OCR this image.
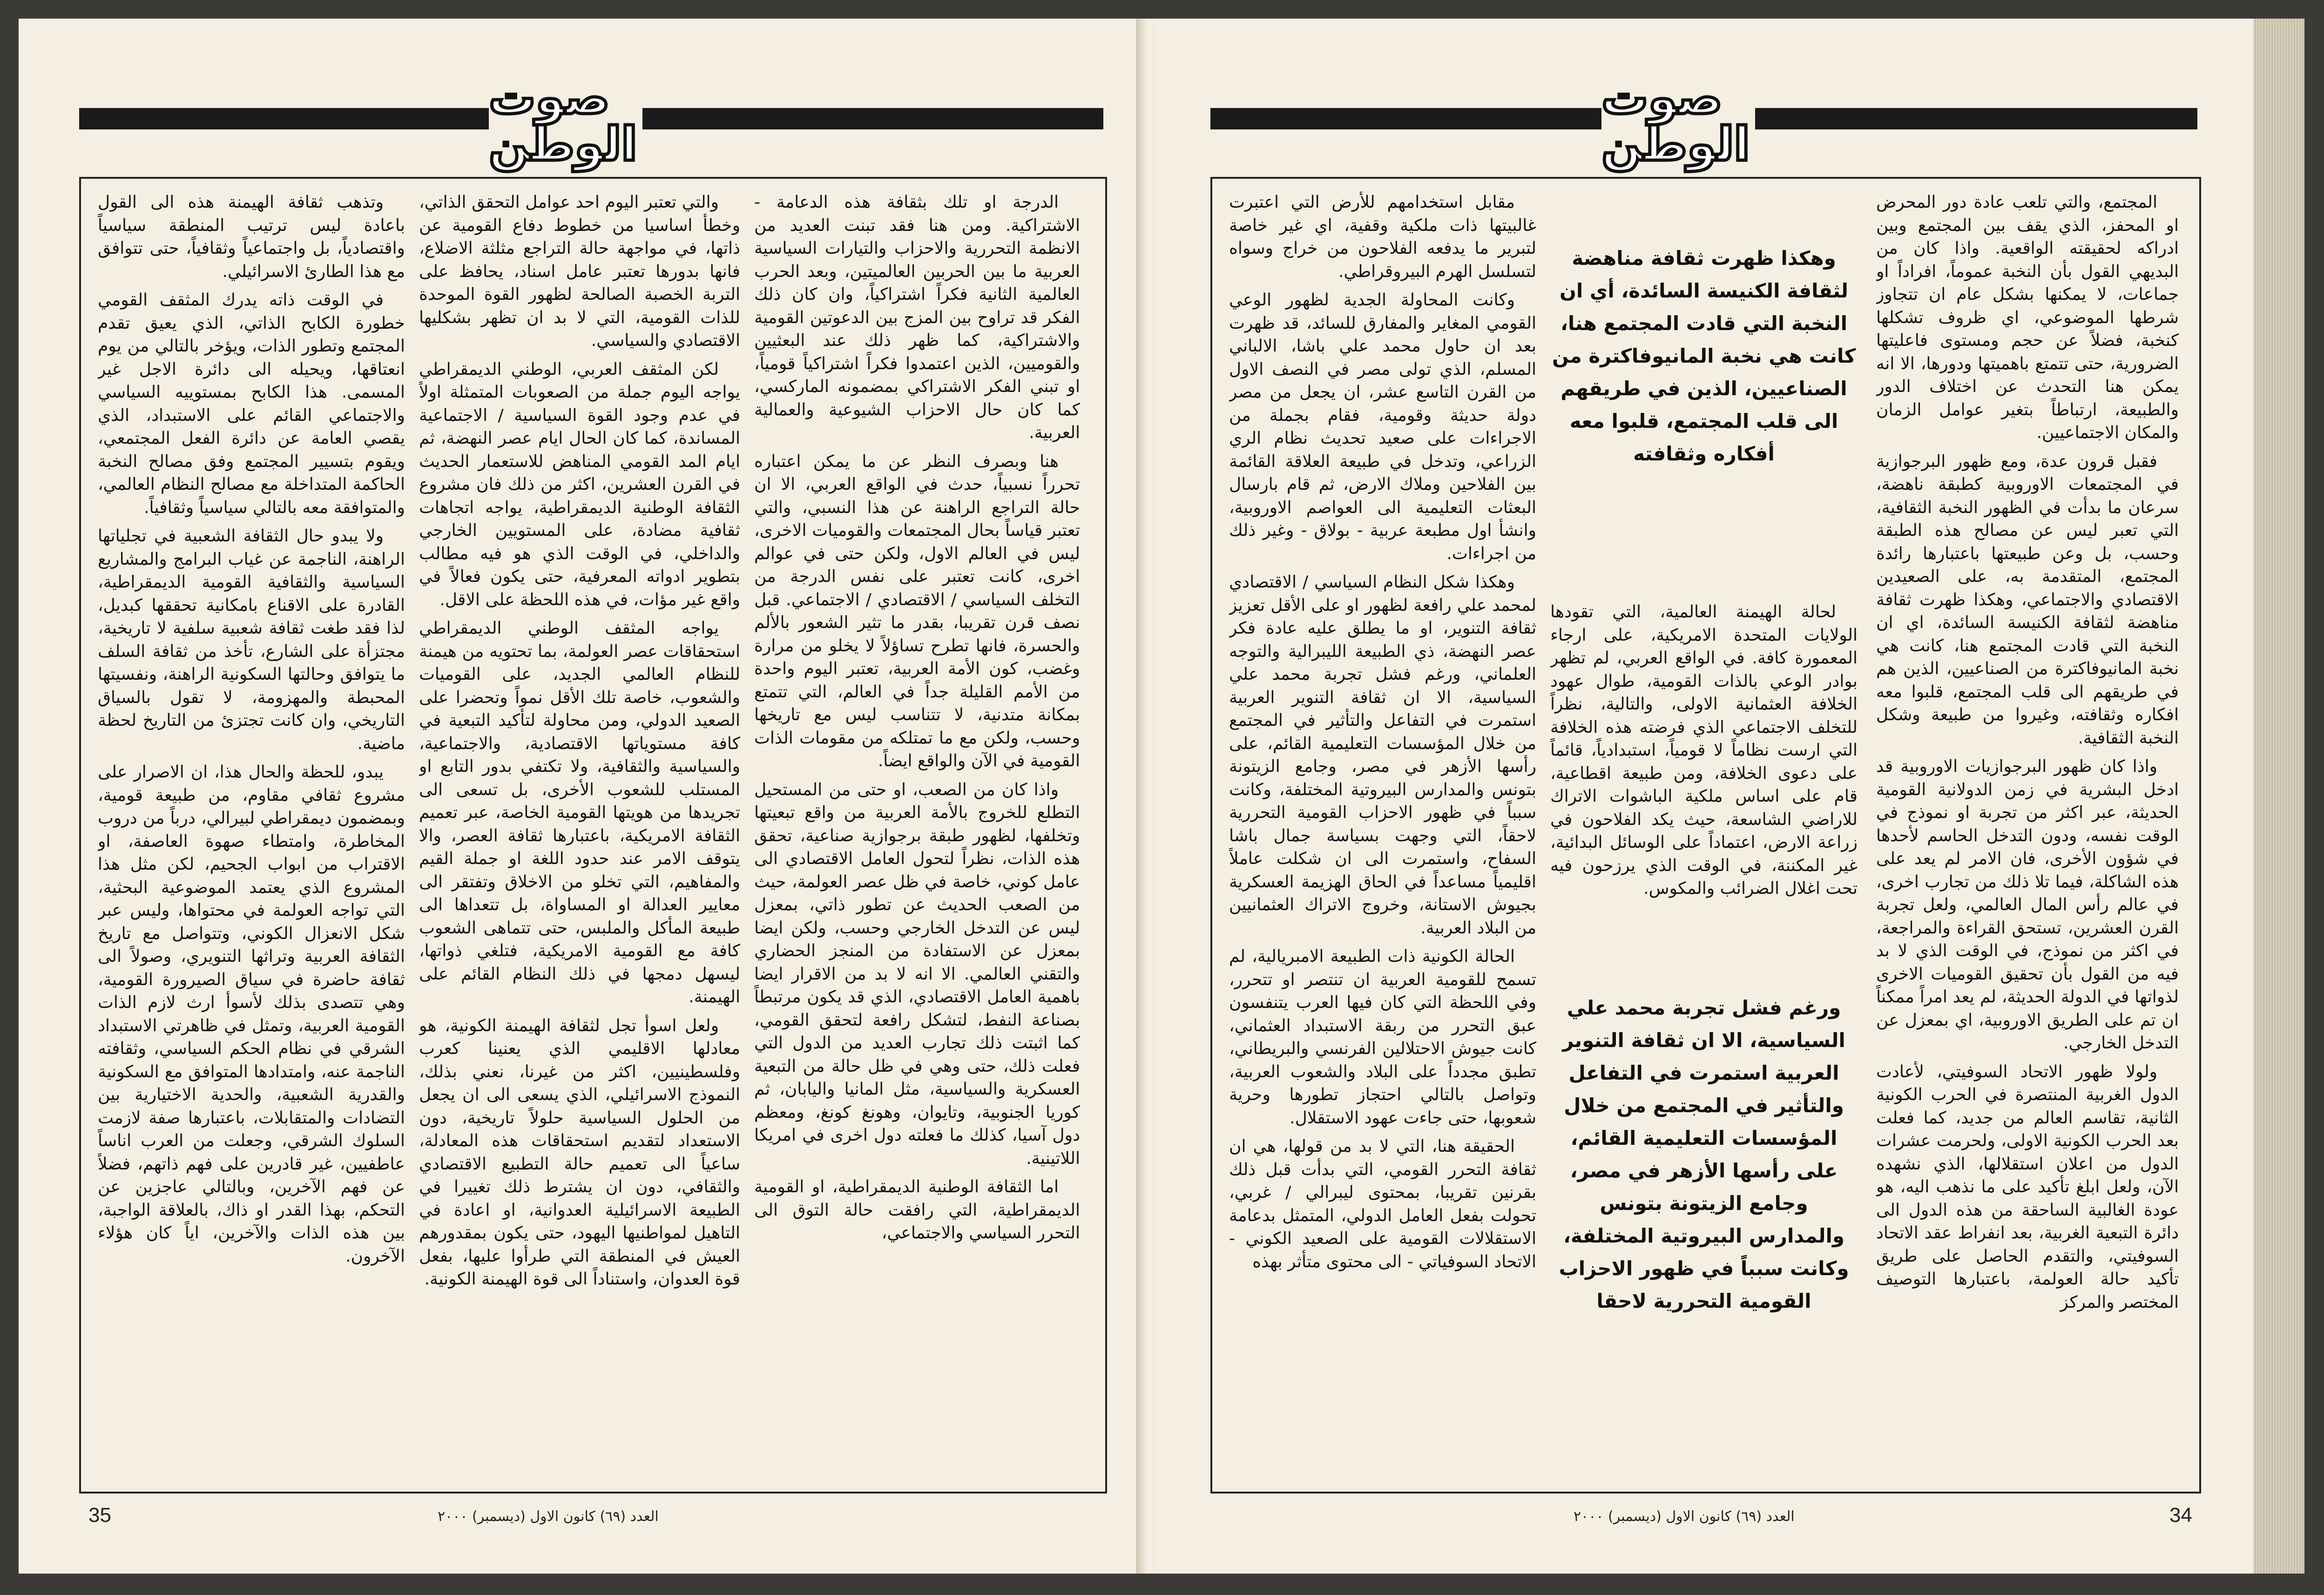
صوت الوطن

الدرجة او تلك بثقافة هذه الدعامة - الاشتراكية. ومن هنا فقد تبنت العديد من الانظمة التحررية والاحزاب والتيارات السياسية العربية ما بين الحربين العالميتين، وبعد الحرب العالمية الثانية فكراً اشتراكياً، وان كان ذلك الفكر قد تراوح بين المزج بين الدعوتين القومية والاشتراكية، كما ظهر ذلك عند البعثيين والقوميين، الذين اعتمدوا فكراً اشتراكياً قومياً، او تبني الفكر الاشتراكي بمضمونه الماركسي، كما كان حال الاحزاب الشيوعية والعمالية العربية.

هنا وبصرف النظر عن ما يمكن اعتباره تحرراً نسبياً، حدث في الواقع العربي، الا ان حالة التراجع الراهنة عن هذا النسبي، والتي تعتبر قياساً بحال المجتمعات والقوميات الاخرى، ليس في العالم الاول، ولكن حتى في عوالم اخرى، كانت تعتبر على نفس الدرجة من التخلف السياسي / الاقتصادي / الاجتماعي. قبل نصف قرن تقريبا، بقدر ما تثير الشعور بالألم والحسرة، فانها تطرح تساؤلاً لا يخلو من مرارة وغضب، كون الأمة العربية، تعتبر اليوم واحدة من الأمم القليلة جداً في العالم، التي تتمتع بمكانة متدنية، لا تتناسب ليس مع تاريخها وحسب، ولكن مع ما تمتلكه من مقومات الذات القومية في الآن والواقع ايضاً.

واذا كان من الصعب، او حتى من المستحيل التطلع للخروج بالأمة العربية من واقع تبعيتها وتخلفها، لظهور طبقة برجوازية صناعية، تحقق هذه الذات، نظراً لتحول العامل الاقتصادي الى عامل كوني، خاصة في ظل عصر العولمة، حيث من الصعب الحديث عن تطور ذاتي، بمعزل ليس عن التدخل الخارجي وحسب، ولكن ايضا بمعزل عن الاستفادة من المنجز الحضاري والتقني العالمي. الا انه لا بد من الاقرار ايضا باهمية العامل الاقتصادي، الذي قد يكون مرتبطاً بصناعة النفط، لتشكل رافعة لتحقق القومي، كما اثبتت ذلك تجارب العديد من الدول التي فعلت ذلك، حتى وهي في ظل حالة من التبعية العسكرية والسياسية، مثل المانيا واليابان، ثم كوريا الجنوبية، وتايوان، وهونغ كونغ، ومعظم دول آسيا، كذلك ما فعلته دول اخرى في امريكا اللاتينية.

اما الثقافة الوطنية الديمقراطية، او القومية الديمقراطية، التي رافقت حالة التوق الى التحرر السياسي والاجتماعي،

والتي تعتبر اليوم احد عوامل التحقق الذاتي، وخطأ اساسيا من خطوط دفاع القومية عن ذاتها، في مواجهة حالة التراجع مثلثة الاضلاع، فانها بدورها تعتبر عامل اسناد، يحافظ على التربة الخصبة الصالحة لظهور القوة الموحدة للذات القومية، التي لا بد ان تظهر بشكليها الاقتصادي والسياسي.

لكن المثقف العربي، الوطني الديمقراطي يواجه اليوم جملة من الصعوبات المتمثلة اولاً في عدم وجود القوة السياسية / الاجتماعية المساندة، كما كان الحال ايام عصر النهضة، ثم ايام المد القومي المناهض للاستعمار الحديث في القرن العشرين، اكثر من ذلك فان مشروع الثقافة الوطنية الديمقراطية، يواجه اتجاهات ثقافية مضادة، على المستويين الخارجي والداخلي، في الوقت الذي هو فيه مطالب بتطوير ادواته المعرفية، حتى يكون فعالاً في واقع غير مؤات، في هذه اللحظة على الاقل.

يواجه المثقف الوطني الديمقراطي استحقاقات عصر العولمة، بما تحتويه من هيمنة للنظام العالمي الجديد، على القوميات والشعوب، خاصة تلك الأقل نمواً وتحضرا على الصعيد الدولي، ومن محاولة لتأكيد التبعية في كافة مستوياتها الاقتصادية، والاجتماعية، والسياسية والثقافية، ولا تكتفي بدور التابع او المستلب للشعوب الأخرى، بل تسعى الى تجريدها من هويتها القومية الخاصة، عبر تعميم الثقافة الامريكية، باعتبارها ثقافة العصر، والا يتوقف الامر عند حدود اللغة او جملة القيم والمفاهيم، التي تخلو من الاخلاق وتفتقر الى معايير العدالة او المساواة، بل تتعداها الى طبيعة المأكل والملبس، حتى تتماهى الشعوب كافة مع القومية الامريكية، فتلغي ذواتها، ليسهل دمجها في ذلك النظام القائم على الهيمنة.

ولعل اسوأ تجل لثقافة الهيمنة الكونية، هو معادلها الاقليمي الذي يعنينا كعرب وفلسطينيين، اكثر من غيرنا، نعني بذلك، النموذج الاسرائيلي، الذي يسعى الى ان يجعل من الحلول السياسية حلولاً تاريخية، دون الاستعداد لتقديم استحقاقات هذه المعادلة، ساعياً الى تعميم حالة التطبيع الاقتصادي والثقافي، دون ان يشترط ذلك تغييرا في الطبيعة الاسرائيلية العدوانية، او اعادة في التاهيل لمواطنيها اليهود، حتى يكون بمقدورهم العيش في المنطقة التي طرأوا عليها، بفعل قوة العدوان، واستناداً الى قوة الهيمنة الكونية.

وتذهب ثقافة الهيمنة هذه الى القول باعادة ليس ترتيب المنطقة سياسياً واقتصادياً، بل واجتماعياً وثقافياً، حتى تتوافق مع هذا الطارئ الاسرائيلي.

في الوقت ذاته يدرك المثقف القومي خطورة الكابح الذاتي، الذي يعيق تقدم المجتمع وتطور الذات، ويؤخر بالتالي من يوم انعتاقها، ويحيله الى دائرة الاجل غير المسمى. هذا الكابح بمستوييه السياسي والاجتماعي القائم على الاستبداد، الذي يقصي العامة عن دائرة الفعل المجتمعي، ويقوم بتسيير المجتمع وفق مصالح النخبة الحاكمة المتداخلة مع مصالح النظام العالمي، والمتوافقة معه بالتالي سياسياً وثقافياً.

ولا يبدو حال الثقافة الشعبية في تجلياتها الراهنة، الناجمة عن غياب البرامج والمشاريع السياسية والثقافية القومية الديمقراطية، القادرة على الاقناع بامكانية تحققها كبديل، لذا فقد طغت ثقافة شعبية سلفية لا تاريخية، مجتزأة على الشارع، تأخذ من ثقافة السلف ما يتوافق وحالتها السكونية الراهنة، ونفسيتها المحبطة والمهزومة، لا تقول بالسياق التاريخي، وان كانت تجتزئ من التاريخ لحظة ماضية.

يبدو، للحظة والحال هذا، ان الاصرار على مشروع ثقافي مقاوم، من طبيعة قومية، وبمضمون ديمقراطي لبيرالي، درباً من دروب المخاطرة، وامتطاء صهوة العاصفة، او الاقتراب من ابواب الجحيم، لكن مثل هذا المشروع الذي يعتمد الموضوعية البحثية، التي تواجه العولمة في محتواها، وليس عبر شكل الانعزال الكوني، وتتواصل مع تاريخ الثقافة العربية وتراثها التنويري، وصولاً الى ثقافة حاضرة في سياق الصيرورة القومية، وهي تتصدى بذلك لأسوأ ارث لازم الذات القومية العربية، وتمثل في ظاهرتي الاستبداد الشرقي في نظام الحكم السياسي، وثقافته الناجمة عنه، وامتدادها المتوافق مع السكونية والقدرية الشعبية، والحدية الاختيارية بين التضادات والمتقابلات، باعتبارها صفة لازمت السلوك الشرقي، وجعلت من العرب اناساً عاطفيين، غير قادرين على فهم ذاتهم، فضلاً عن فهم الآخرين، وبالتالي عاجزين عن التحكم، بهذا القدر او ذاك، بالعلاقة الواجبة، بين هذه الذات والآخرين، اياً كان هؤلاء الآخرون.

35	العدد (٦٩) كانون الاول (ديسمبر) ٢٠٠٠
صوت الوطن

المجتمع، والتي تلعب عادة دور المحرض او المحفز، الذي يقف بين المجتمع وبين ادراكه لحقيقته الواقعية. واذا كان من البديهي القول بأن النخبة عموماً، افراداً او جماعات، لا يمكنها بشكل عام ان تتجاوز شرطها الموضوعي، اي ظروف تشكلها كنخبة، فضلاً عن حجم ومستوى فاعليتها الضرورية، حتى تتمتع باهميتها ودورها، الا انه يمكن هنا التحدث عن اختلاف الدور والطبيعة، ارتباطاً بتغير عوامل الزمان والمكان الاجتماعيين.

فقبل قرون عدة، ومع ظهور البرجوازية في المجتمعات الاوروبية كطبقة ناهضة، سرعان ما بدأت في الظهور النخبة الثقافية، التي تعبر ليس عن مصالح هذه الطبقة وحسب، بل وعن طبيعتها باعتبارها رائدة المجتمع، المتقدمة به، على الصعيدين الاقتصادي والاجتماعي، وهكذا ظهرت ثقافة مناهضة لثقافة الكنيسة السائدة، اي ان النخبة التي قادت المجتمع هنا، كانت هي نخبة المانيوفاكترة من الصناعيين، الذين هم في طريقهم الى قلب المجتمع، قلبوا معه افكاره وثقافته، وغيروا من طبيعة وشكل النخبة الثقافية.

واذا كان ظهور البرجوازيات الاوروبية قد ادخل البشرية في زمن الدولانية القومية الحديثة، عبر اكثر من تجربة او نموذج في الوقت نفسه، ودون التدخل الحاسم لأحدها في شؤون الأخرى، فان الامر لم يعد على هذه الشاكلة، فيما تلا ذلك من تجارب اخرى، في عالم رأس المال العالمي، ولعل تجربة القرن العشرين، تستحق القراءة والمراجعة، في اكثر من نموذج، في الوقت الذي لا بد فيه من القول بأن تحقيق القوميات الاخرى لذواتها في الدولة الحديثة، لم يعد امراً ممكناً ان تم على الطريق الاوروبية، اي بمعزل عن التدخل الخارجي.

ولولا ظهور الاتحاد السوفيتي، لأعادت الدول الغربية المنتصرة في الحرب الكونية الثانية، تقاسم العالم من جديد، كما فعلت بعد الحرب الكونية الاولى، ولحرمت عشرات الدول من اعلان استقلالها، الذي نشهده الآن، ولعل ابلغ تأكيد على ما نذهب اليه، هو عودة الغالبية الساحقة من هذه الدول الى دائرة التبعية الغربية، بعد انفراط عقد الاتحاد السوفيتي، والتقدم الحاصل على طريق تأكيد حالة العولمة، باعتبارها التوصيف المختصر والمركز

وهكذا ظهرت ثقافة مناهضة لثقافة الكنيسة السائدة، أي ان النخبة التي قادت المجتمع هنا، كانت هي نخبة المانيوفاكترة من الصناعيين، الذين في طريقهم الى قلب المجتمع، قلبوا معه أفكاره وثقافته

لحالة الهيمنة العالمية، التي تقودها الولايات المتحدة الامريكية، على ارجاء المعمورة كافة. في الواقع العربي، لم تظهر بوادر الوعي بالذات القومية، طوال عهود الخلافة العثمانية الاولى، والتالية، نظراً للتخلف الاجتماعي الذي فرضته هذه الخلافة التي ارست نظاماً لا قومياً، استبدادياً، قائماً على دعوى الخلافة، ومن طبيعة اقطاعية، قام على اساس ملكية الباشوات الاتراك للاراضي الشاسعة، حيث يكد الفلاحون في زراعة الارض، اعتماداً على الوسائل البدائية، غير المكننة، في الوقت الذي يرزحون فيه تحت اغلال الضرائب والمكوس.

ورغم فشل تجربة محمد علي السياسية، الا ان ثقافة التنوير العربية استمرت في التفاعل والتأثير في المجتمع من خلال المؤسسات التعليمية القائم، على رأسها الأزهر في مصر، وجامع الزيتونة بتونس والمدارس البيروتية المختلفة، وكانت سبباً في ظهور الاحزاب القومية التحررية لاحقا

مقابل استخدامهم للأرض التي اعتبرت غالبيتها ذات ملكية وقفية، اي غير خاصة لتبرير ما يدفعه الفلاحون من خراج وسواه لتسلسل الهرم البيروقراطي.

وكانت المحاولة الجدية لظهور الوعي القومي المغاير والمفارق للسائد، قد ظهرت بعد ان حاول محمد علي باشا، الالباني المسلم، الذي تولى مصر في النصف الاول من القرن التاسع عشر، ان يجعل من مصر دولة حديثة وقومية، فقام بجملة من الاجراءات على صعيد تحديث نظام الري الزراعي، وتدخل في طبيعة العلاقة القائمة بين الفلاحين وملاك الارض، ثم قام بارسال البعثات التعليمية الى العواصم الاوروبية، وانشأ اول مطبعة عربية - بولاق - وغير ذلك من اجراءات.

وهكذا شكل النظام السياسي / الاقتصادي لمحمد علي رافعة لظهور او على الأقل تعزيز ثقافة التنوير، او ما يطلق عليه عادة فكر عصر النهضة، ذي الطبيعة الليبرالية والتوجه العلماني، ورغم فشل تجربة محمد علي السياسية، الا ان ثقافة التنوير العربية استمرت في التفاعل والتأثير في المجتمع من خلال المؤسسات التعليمية القائم، على رأسها الأزهر في مصر، وجامع الزيتونة بتونس والمدارس البيروتية المختلفة، وكانت سبباً في ظهور الاحزاب القومية التحررية لاحقاً، التي وجهت بسياسة جمال باشا السفاح، واستمرت الى ان شكلت عاملاً اقليمياً مساعداً في الحاق الهزيمة العسكرية بجيوش الاستانة، وخروج الاتراك العثمانيين من البلاد العربية.

الحالة الكونية ذات الطبيعة الامبريالية، لم تسمح للقومية العربية ان تنتصر او تتحرر، وفي اللحظة التي كان فيها العرب يتنفسون عبق التحرر من ربقة الاستبداد العثماني، كانت جيوش الاحتلالين الفرنسي والبريطاني، تطبق مجدداً على البلاد والشعوب العربية، وتواصل بالتالي احتجاز تطورها وحرية شعوبها، حتى جاءت عهود الاستقلال.

الحقيقة هنا، التي لا بد من قولها، هي ان ثقافة التحرر القومي، التي بدأت قبل ذلك بقرنين تقريبا، بمحتوى ليبرالي / غربي، تحولت بفعل العامل الدولي، المتمثل بدعامة الاستقلالات القومية على الصعيد الكوني - الاتحاد السوفياتي - الى محتوى متأثر بهذه

34
العدد (٦٩) كانون الاول (ديسمبر) ٢٠٠٠
